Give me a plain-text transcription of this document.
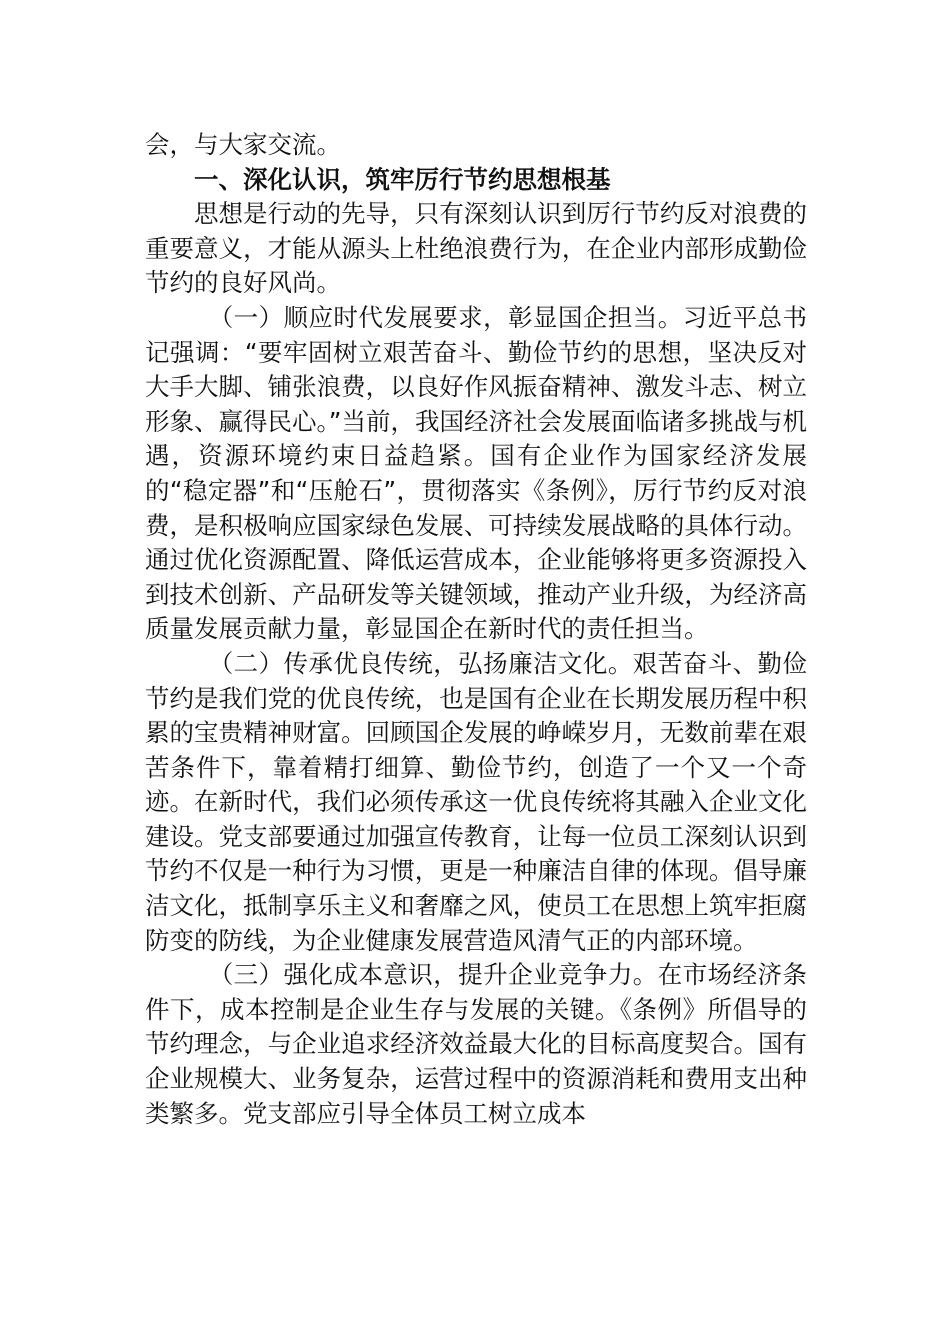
会，与大家交流。

一、深化认识，筑牢厉行节约思想根基

思想是行动的先导，只有深刻认识到厉行节约反对浪费的重要意义，才能从源头上杜绝浪费行为，在企业内部形成勤俭节约的良好风尚。

（一）顺应时代发展要求，彰显国企担当。习近平总书记强调：“要牢固树立艰苦奋斗、勤俭节约的思想，坚决反对大手大脚、铺张浪费，以良好作风振奋精神、激发斗志、树立形象、赢得民心。”当前，我国经济社会发展面临诸多挑战与机遇，资源环境约束日益趋紧。国有企业作为国家经济发展的“稳定器”和“压舱石”，贯彻落实《条例》，厉行节约反对浪费，是积极响应国家绿色发展、可持续发展战略的具体行动。通过优化资源配置、降低运营成本，企业能够将更多资源投入到技术创新、产品研发等关键领域，推动产业升级，为经济高质量发展贡献力量，彰显国企在新时代的责任担当。

（二）传承优良传统，弘扬廉洁文化。艰苦奋斗、勤俭节约是我们党的优良传统，也是国有企业在长期发展历程中积累的宝贵精神财富。回顾国企发展的峥嵘岁月，无数前辈在艰苦条件下，靠着精打细算、勤俭节约，创造了一个又一个奇迹。在新时代，我们必须传承这一优良传统将其融入企业文化建设。党支部要通过加强宣传教育，让每一位员工深刻认识到节约不仅是一种行为习惯，更是一种廉洁自律的体现。倡导廉洁文化，抵制享乐主义和奢靡之风，使员工在思想上筑牢拒腐防变的防线，为企业健康发展营造风清气正的内部环境。

（三）强化成本意识，提升企业竞争力。在市场经济条件下，成本控制是企业生存与发展的关键。《条例》所倡导的节约理念，与企业追求经济效益最大化的目标高度契合。国有企业规模大、业务复杂，运营过程中的资源消耗和费用支出种类繁多。党支部应引导全体员工树立成本
